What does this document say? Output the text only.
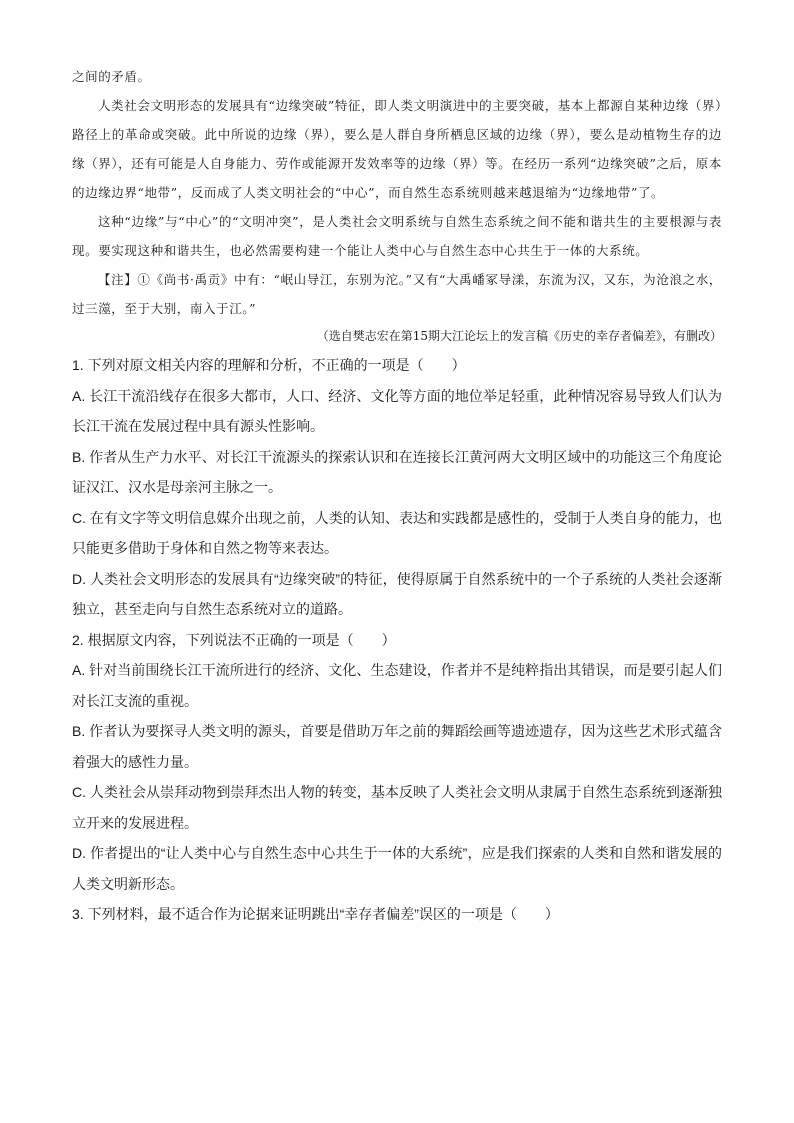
之间的矛盾。

人类社会文明形态的发展具有“边缘突破”特征，即人类文明演进中的主要突破，基本上都源自某种边缘（界）路径上的革命或突破。此中所说的边缘（界），要么是人群自身所栖息区域的边缘（界），要么是动植物生存的边缘（界），还有可能是人自身能力、劳作或能源开发效率等的边缘（界）等。在经历一系列“边缘突破”之后，原本的边缘边界“地带”，反而成了人类文明社会的“中心”，而自然生态系统则越来越退缩为“边缘地带”了。

这种“边缘”与“中心”的“文明冲突”，是人类社会文明系统与自然生态系统之间不能和谐共生的主要根源与表现。要实现这种和谐共生，也必然需要构建一个能让人类中心与自然生态中心共生于一体的大系统。

【注】①《尚书·禹贡》中有：“岷山导江，东别为沱。”又有“大禹嶓冢导漾，东流为汉，又东，为沧浪之水，过三澨，至于大别，南入于江。”

（选自樊志宏在第15期大江论坛上的发言稿《历史的幸存者偏差》，有删改）

1. 下列对原文相关内容的理解和分析，不正确的一项是（　　）

A. 长江干流沿线存在很多大都市，人口、经济、文化等方面的地位举足轻重，此种情况容易导致人们认为长江干流在发展过程中具有源头性影响。

B. 作者从生产力水平、对长江干流源头的探索认识和在连接长江黄河两大文明区域中的功能这三个角度论证汉江、汉水是母亲河主脉之一。

C. 在有文字等文明信息媒介出现之前，人类的认知、表达和实践都是感性的，受制于人类自身的能力，也只能更多借助于身体和自然之物等来表达。

D. 人类社会文明形态的发展具有“边缘突破”的特征，使得原属于自然系统中的一个子系统的人类社会逐渐独立，甚至走向与自然生态系统对立的道路。

2. 根据原文内容，下列说法不正确的一项是（　　）

A. 针对当前围绕长江干流所进行的经济、文化、生态建设，作者并不是纯粹指出其错误，而是要引起人们对长江支流的重视。

B. 作者认为要探寻人类文明的源头，首要是借助万年之前的舞蹈绘画等遗迹遗存，因为这些艺术形式蕴含着强大的感性力量。

C. 人类社会从崇拜动物到崇拜杰出人物的转变，基本反映了人类社会文明从隶属于自然生态系统到逐渐独立开来的发展进程。

D. 作者提出的“让人类中心与自然生态中心共生于一体的大系统”，应是我们探索的人类和自然和谐发展的人类文明新形态。

3. 下列材料，最不适合作为论据来证明跳出“幸存者偏差”误区的一项是（　　）
